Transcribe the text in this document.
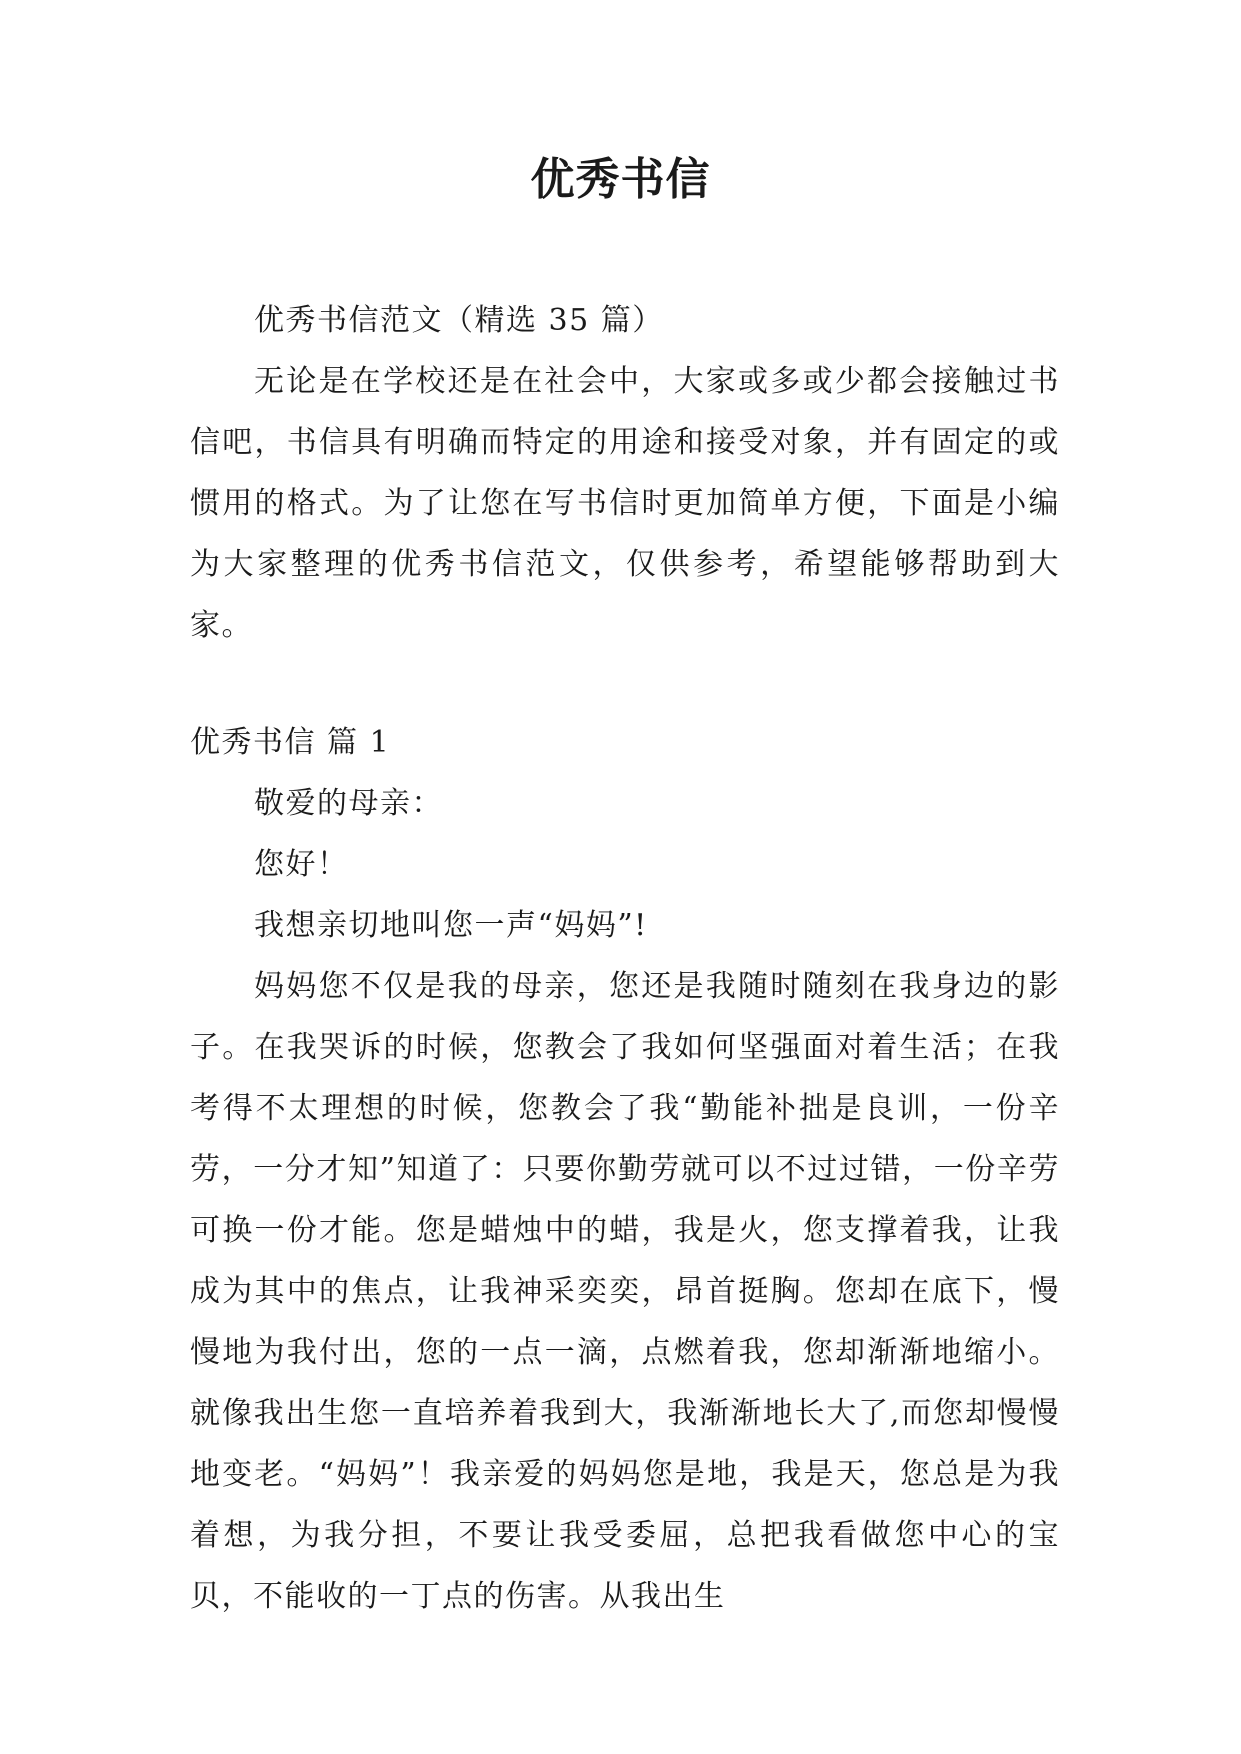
优秀书信

优秀书信范文（精选 35 篇）

无论是在学校还是在社会中，大家或多或少都会接触过书信吧，书信具有明确而特定的用途和接受对象，并有固定的或惯用的格式。为了让您在写书信时更加简单方便，下面是小编为大家整理的优秀书信范文，仅供参考，希望能够帮助到大家。

优秀书信 篇 1

敬爱的母亲：

您好！

我想亲切地叫您一声“妈妈”!

妈妈您不仅是我的母亲，您还是我随时随刻在我身边的影子。在我哭诉的时候，您教会了我如何坚强面对着生活；在我考得不太理想的时候，您教会了我“勤能补拙是良训，一份辛劳，一分才知”知道了：只要你勤劳就可以不过过错，一份辛劳可换一份才能。您是蜡烛中的蜡，我是火，您支撑着我，让我成为其中的焦点，让我神采奕奕，昂首挺胸。您却在底下，慢慢地为我付出，您的一点一滴，点燃着我，您却渐渐地缩小。就像我出生您一直培养着我到大，我渐渐地长大了,而您却慢慢地变老。“妈妈”！我亲爱的妈妈您是地，我是天，您总是为我着想，为我分担，不要让我受委屈，总把我看做您中心的宝贝，不能收的一丁点的伤害。从我出生
